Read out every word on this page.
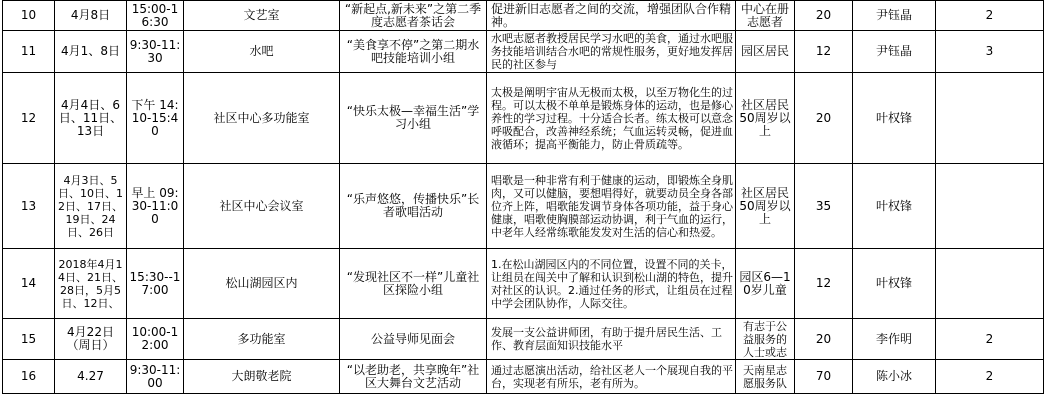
10	4月8日	15:00-16:30	文艺室	“新起点,新未来”之第二季度志愿者茶话会	促进新旧志愿者之间的交流，增强团队合作精神。	中心在册志愿者	20	尹钰晶	2
11	4月1、8日	9:30-11:30	水吧	“美食享不停”之第二期水吧技能培训小组	水吧志愿者教授居民学习水吧的美食，通过水吧服务技能培训结合水吧的常规性服务，更好地发挥居民的社区参与	园区居民	12	尹钰晶	3
12	4月4日、6日、11日、13日	下午 14:10-15:40	社区中心多功能室	“快乐太极—幸福生活”学习小组	太极是阐明宇宙从无极而太极，以至万物化生的过程。可以太极不单单是锻炼身体的运动，也是修心养性的学习过程。十分适合长者。练太极可以意念呼吸配合，改善神经系统；气血运转灵畅，促进血液循环；提高平衡能力，防止骨质疏等。	社区居民50周岁以上	20	叶权锋	
13	4月3日、5日、10日、12日、17日、19日、24日、26日	早上 09:30-11:00	社区中心会议室	“乐声悠悠，传播快乐”长者歌唱活动	唱歌是一种非常有利于健康的运动，即锻炼全身肌肉，又可以健脑，要想唱得好，就要动员全身各部位齐上阵，唱歌能发调节身体各项功能，益于身心健康，唱歌使胸膜部运动协调，利于气血的运行，中老年人经常练歌能发发对生活的信心和热爱。	社区居民50周岁以上	35	叶权锋	
14	2018年4月14日、21日、28日，5月5日、12日、	15:30--17:00	松山湖园区内	“发现社区不一样”儿童社区探险小组	1.在松山湖园区内的不同位置，设置不同的关卡，让组员在闯关中了解和认识到松山湖的特色，提升对社区的认识。2.通过任务的形式，让组员在过程中学会团队协作，人际交往。	园区6—10岁儿童	12	叶权锋	
15	4月22日（周日）	10:00-12:00	多功能室	公益导师见面会	发展一支公益讲师团，有助于提升居民生活、工作、教育层面知识技能水平	有志于公益服务的人士或志	20	李作明	2
16	4.27	9:30-11:00	大朗敬老院	“以老助老，共享晚年”社区大舞台文艺活动	通过志愿演出活动，给社区老人一个展现自我的平台，实现老有所乐，老有所为。	天南星志愿服务队	70	陈小冰	2
